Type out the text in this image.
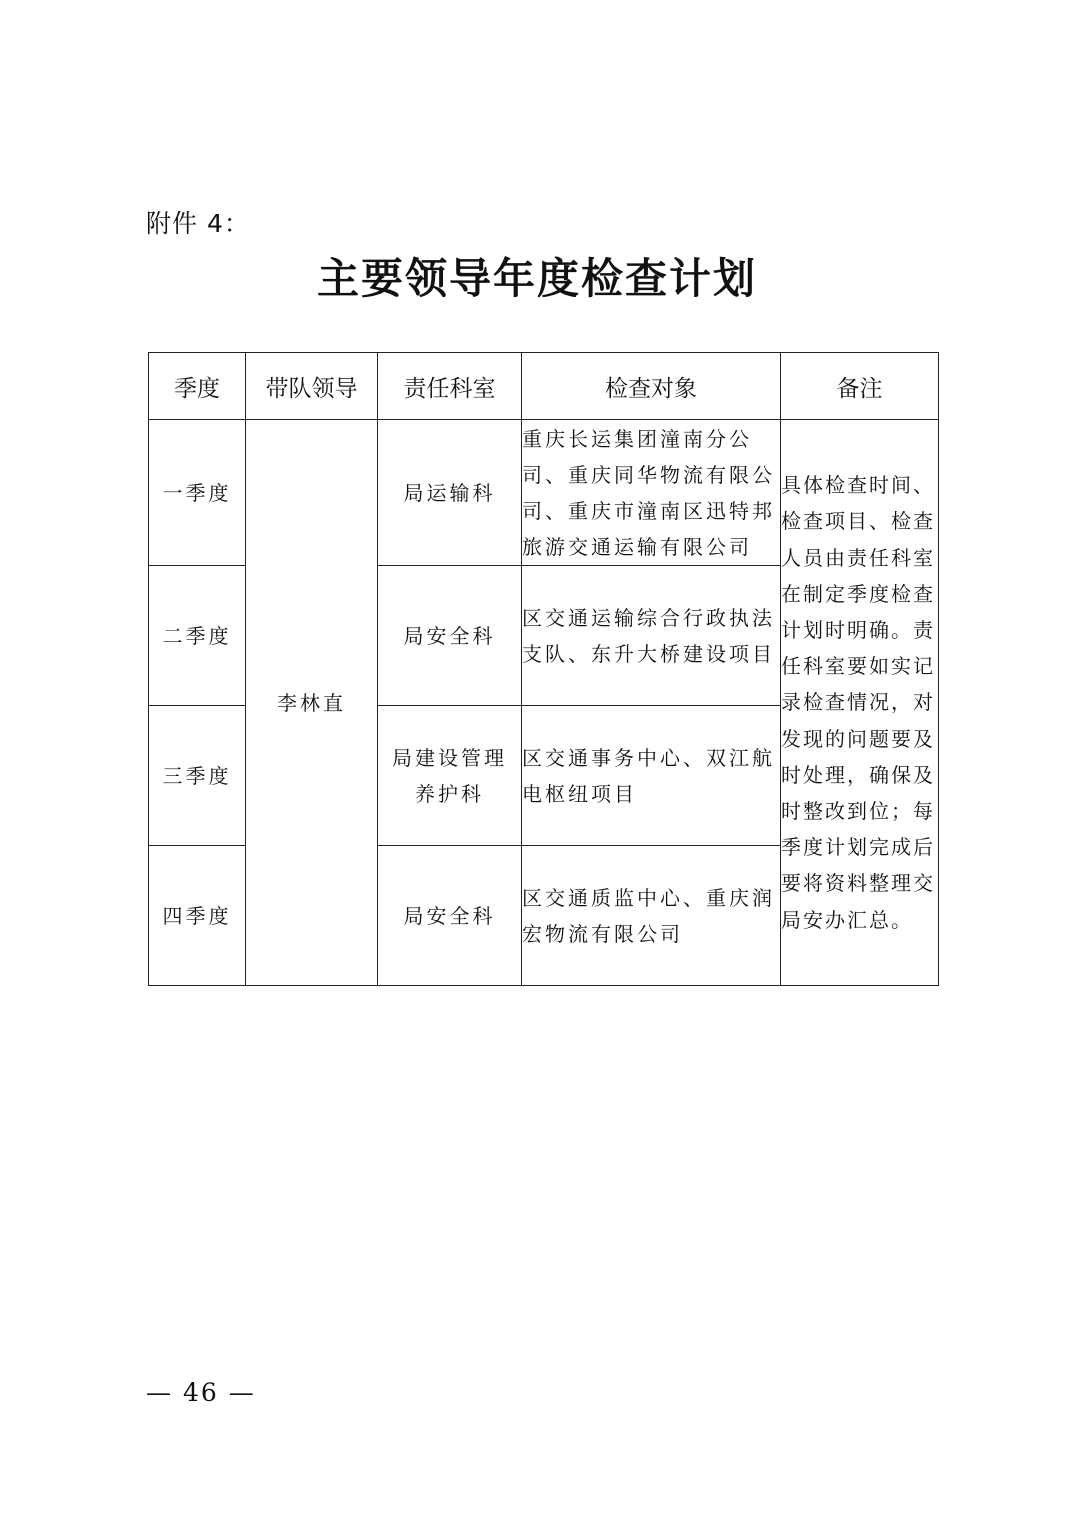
附件 4：
主要领导年度检查计划
季度	带队领导	责任科室	检查对象	备注
一季度	李林直	局运输科	重庆长运集团潼南分公司、重庆同华物流有限公司、重庆市潼南区迅特邦旅游交通运输有限公司	具体检查时间、检查项目、检查人员由责任科室在制定季度检查计划时明确。责任科室要如实记录检查情况，对发现的问题要及时处理，确保及时整改到位；每季度计划完成后要将资料整理交局安办汇总。
二季度		局安全科	区交通运输综合行政执法支队、东升大桥建设项目	
三季度		局建设管理养护科	区交通事务中心、双江航电枢纽项目	
四季度		局安全科	区交通质监中心、重庆润宏物流有限公司	
— 46 —
